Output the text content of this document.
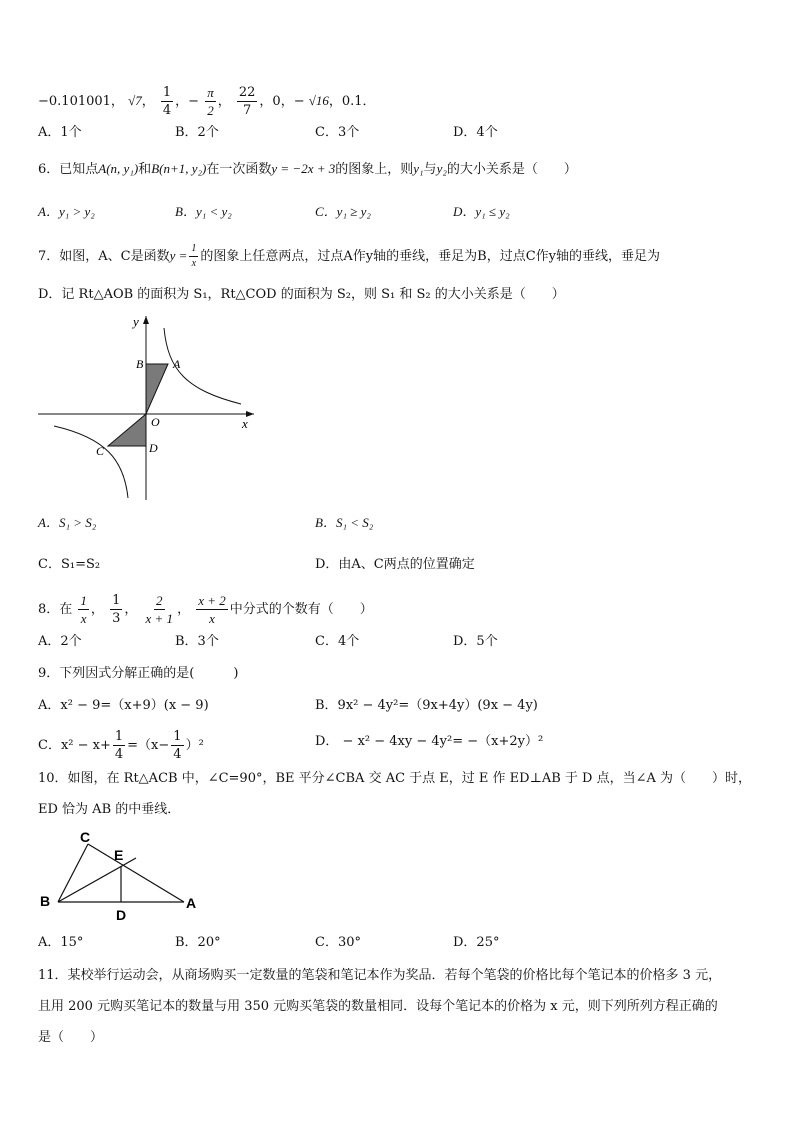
−0.101001， √7， $\frac{1}{4}$ ，− $\frac{\pi}{2}$ ， $\frac{22}{7}$ ，0，− √16，0.1．
A．1个	B．2个	C．3个	D．4个
6．已知点A(n, y₁)和B(n+1, y₂)在一次函数y = −2x + 3的图象上，则y₁与y₂的大小关系是（　　）
A．y₁ > y₂	B．y₁ < y₂	C．y₁ ≥ y₂	D．y₁ ≤ y₂
7．如图，A、C是函数$y = \frac{1}{x}$ 的图象上任意两点，过点A作y轴的垂线，垂足为B，过点C作y轴的垂线，垂足为
D．记 Rt△AOB 的面积为 S₁，Rt△COD 的面积为 S₂，则 S₁ 和 S₂ 的大小关系是（　　）
y
x
B A
O
C	D
A．S₁ > S₂	B．S₁ < S₂
C．S₁=S₂	D．由A、C两点的位置确定
8．在 $\frac{1}{x}$ ， $\frac{1}{3}$ ， $\frac{2}{x + 1}$ ， $\frac{x + 2}{x}$ 中分式的个数有（　　）
A．2个	B．3个	C．4个	D．5个
9．下列因式分解正确的是(　　　)
A．x² − 9=（x+9）(x − 9)	B．9x² − 4y²=（9x+4y）(9x − 4y)
C．$x^2 - x+ \frac{1}{4} =(x- \frac{1}{4} )^2$	D． − x² − 4xy − 4y²= −（x+2y）²
10．如图，在 Rt△ACB 中，∠C=90°，BE 平分∠CBA 交 AC 于点 E，过 E 作 ED⊥AB 于 D 点，当∠A 为（　　）时，
ED 恰为 AB 的中垂线．
C
E
B
D
A
A．15°	B．20°	C．30°	D．25°
11．某校举行运动会，从商场购买一定数量的笔袋和笔记本作为奖品．若每个笔袋的价格比每个笔记本的价格多 3 元，
且用 200 元购买笔记本的数量与用 350 元购买笔袋的数量相同．设每个笔记本的价格为 x 元，则下列所列方程正确的
是（　　）
